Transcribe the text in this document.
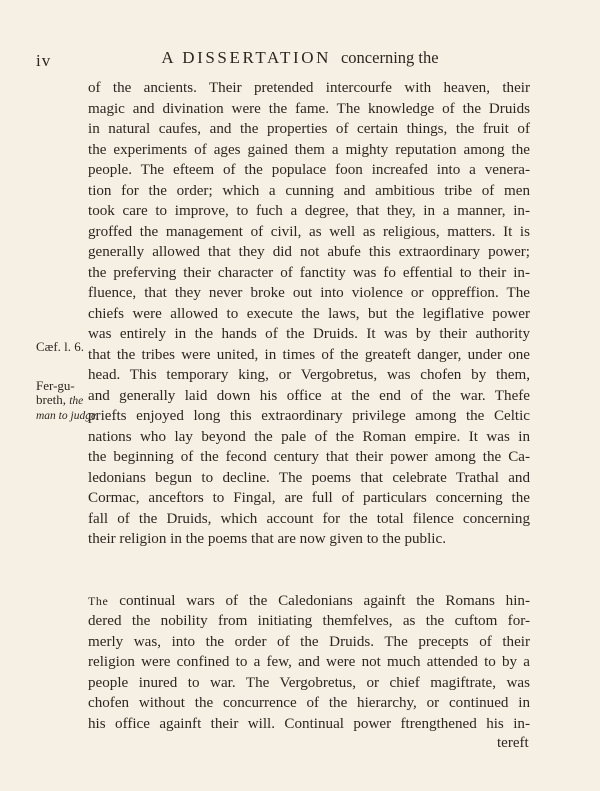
iv	A DISSERTATION concerning the
Cæf. l. 6.
Fer-gu-
breth, the
man to judge.
of the ancients. Their pretended intercourfe with heaven, their
magic and divination were the fame. The knowledge of the Druids
in natural caufes, and the properties of certain things, the fruit of
the experiments of ages gained them a mighty reputation among the
people. The efteem of the populace foon increafed into a venera-
tion for the order; which a cunning and ambitious tribe of men
took care to improve, to fuch a degree, that they, in a manner, in-
groffed the management of civil, as well as religious, matters. It is
generally allowed that they did not abufe this extraordinary power;
the preferving their character of fanctity was fo effential to their in-
fluence, that they never broke out into violence or oppreffion. The
chiefs were allowed to execute the laws, but the legiflative power
was entirely in the hands of the Druids. It was by their authority
that the tribes were united, in times of the greateft danger, under one
head. This temporary king, or Vergobretus, was chofen by them,
and generally laid down his office at the end of the war. Thefe
priefts enjoyed long this extraordinary privilege among the Celtic
nations who lay beyond the pale of the Roman empire. It was in
the beginning of the fecond century that their power among the Ca-
ledonians begun to decline. The poems that celebrate Trathal and
Cormac, anceftors to Fingal, are full of particulars concerning the
fall of the Druids, which account for the total filence concerning
their religion in the poems that are now given to the public.
The continual wars of the Caledonians againft the Romans hin-
dered the nobility from initiating themfelves, as the cuftom for-
merly was, into the order of the Druids. The precepts of their
religion were confined to a few, and were not much attended to by a
people inured to war. The Vergobretus, or chief magiftrate, was
chofen without the concurrence of the hierarchy, or continued in
his office againft their will. Continual power ftrengthened his in-
tereft
